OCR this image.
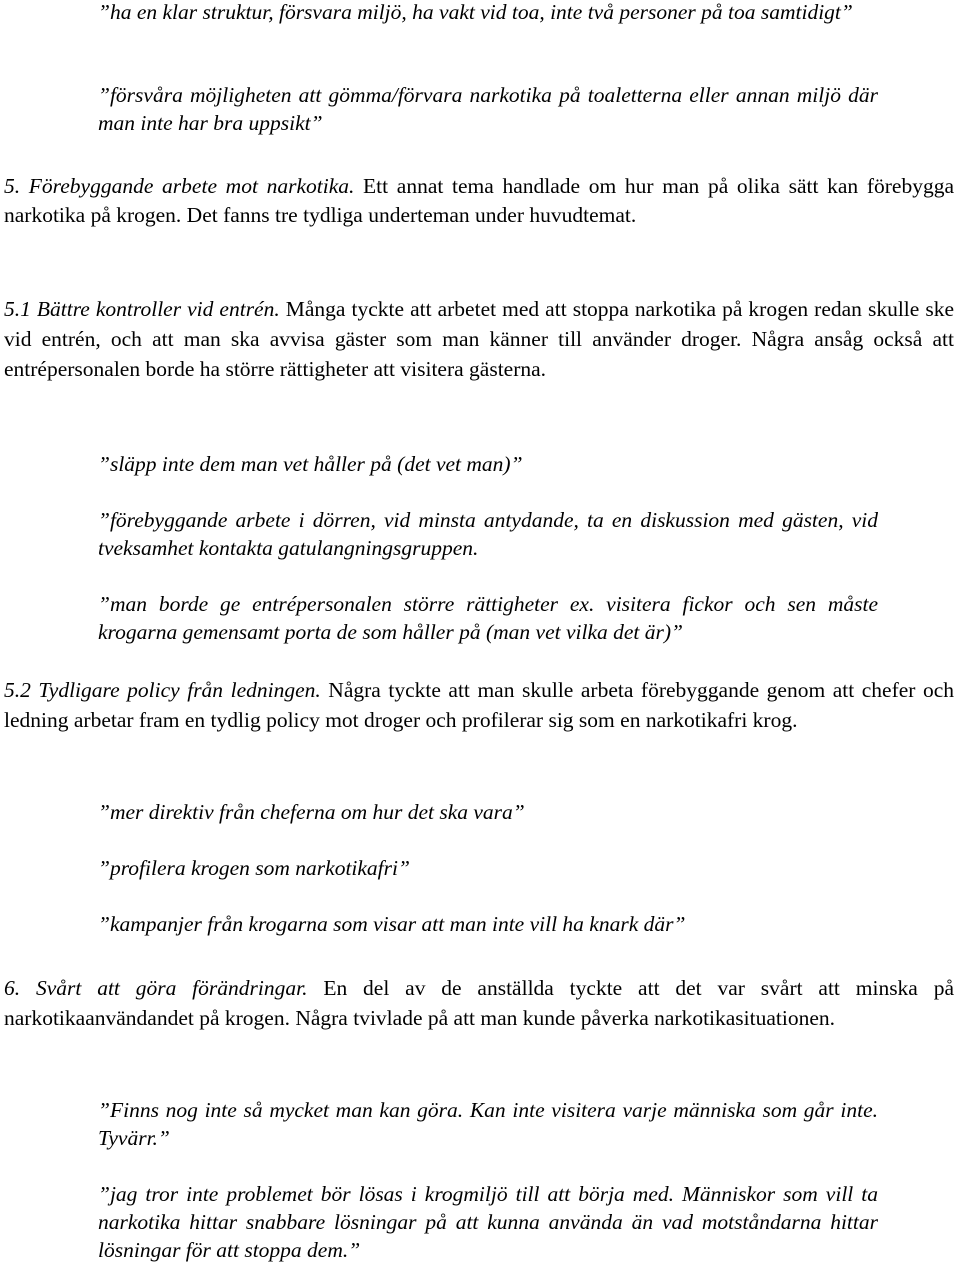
”ha en klar struktur, försvara miljö, ha vakt vid toa, inte två personer på toa samtidigt”

”försvåra möjligheten att gömma/förvara narkotika på toaletterna eller annan miljö där man inte har bra uppsikt”

5. Förebyggande arbete mot narkotika. Ett annat tema handlade om hur man på olika sätt kan förebygga narkotika på krogen. Det fanns tre tydliga underteman under huvudtemat.

5.1 Bättre kontroller vid entrén. Många tyckte att arbetet med att stoppa narkotika på krogen redan skulle ske vid entrén, och att man ska avvisa gäster som man känner till använder droger. Några ansåg också att entrépersonalen borde ha större rättigheter att visitera gästerna.

”släpp inte dem man vet håller på (det vet man)”

”förebyggande arbete i dörren, vid minsta antydande, ta en diskussion med gästen, vid tveksamhet kontakta gatulangningsgruppen.

”man borde ge entrépersonalen större rättigheter ex. visitera fickor och sen måste krogarna gemensamt porta de som håller på (man vet vilka det är)”

5.2 Tydligare policy från ledningen. Några tyckte att man skulle arbeta förebyggande genom att chefer och ledning arbetar fram en tydlig policy mot droger och profilerar sig som en narkotikafri krog.

”mer direktiv från cheferna om hur det ska vara”

”profilera krogen som narkotikafri”

”kampanjer från krogarna som visar att man inte vill ha knark där”

6. Svårt att göra förändringar. En del av de anställda tyckte att det var svårt att minska på narkotikaanvändandet på krogen. Några tvivlade på att man kunde påverka narkotikasituationen.

”Finns nog inte så mycket man kan göra. Kan inte visitera varje människa som går inte. Tyvärr.”

”jag tror inte problemet bör lösas i krogmiljö till att börja med. Människor som vill ta narkotika hittar snabbare lösningar på att kunna använda än vad motståndarna hittar lösningar för att stoppa dem.”
